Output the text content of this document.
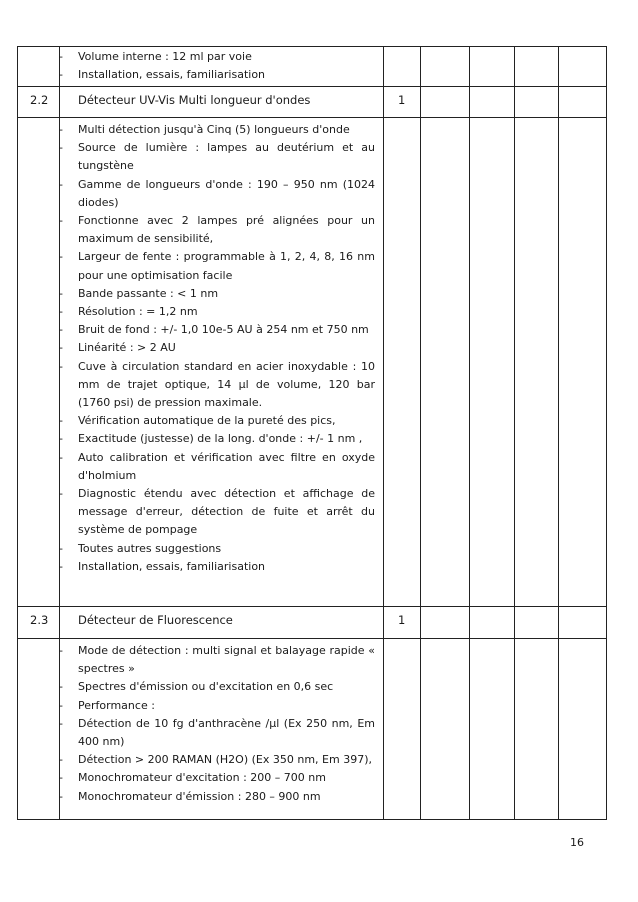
- Volume interne : 12 ml par voie
- Installation, essais, familiarisation
2.2	Détecteur UV-Vis Multi longueur d'ondes	1
- Multi détection jusqu'à Cinq (5) longueurs d'onde
- Source de lumière : lampes au deutérium et au tungstène
- Gamme de longueurs d'onde : 190 – 950 nm (1024 diodes)
- Fonctionne avec 2 lampes pré alignées pour un maximum de sensibilité,
- Largeur de fente : programmable à 1, 2, 4, 8, 16 nm pour une optimisation facile
- Bande passante : < 1 nm
- Résolution : = 1,2 nm
- Bruit de fond : +/- 1,0 10e-5 AU à 254 nm et 750 nm
- Linéarité : > 2 AU
- Cuve à circulation standard en acier inoxydable : 10 mm de trajet optique, 14 µl de volume, 120 bar (1760 psi) de pression maximale.
- Vérification automatique de la pureté des pics,
- Exactitude (justesse) de la long. d'onde : +/- 1 nm ,
- Auto calibration et vérification avec filtre en oxyde d'holmium
- Diagnostic étendu avec détection et affichage de message d'erreur, détection de fuite et arrêt du système de pompage
- Toutes autres suggestions
- Installation, essais, familiarisation
2.3	Détecteur de Fluorescence	1
- Mode de détection : multi signal et balayage rapide « spectres »
- Spectres d'émission ou d'excitation en 0,6 sec
- Performance :
- Détection de 10 fg d'anthracène /µl (Ex 250 nm, Em 400 nm)
- Détection > 200 RAMAN (H2O) (Ex 350 nm, Em 397),
- Monochromateur d'excitation : 200 – 700 nm
- Monochromateur d'émission : 280 – 900 nm
16
